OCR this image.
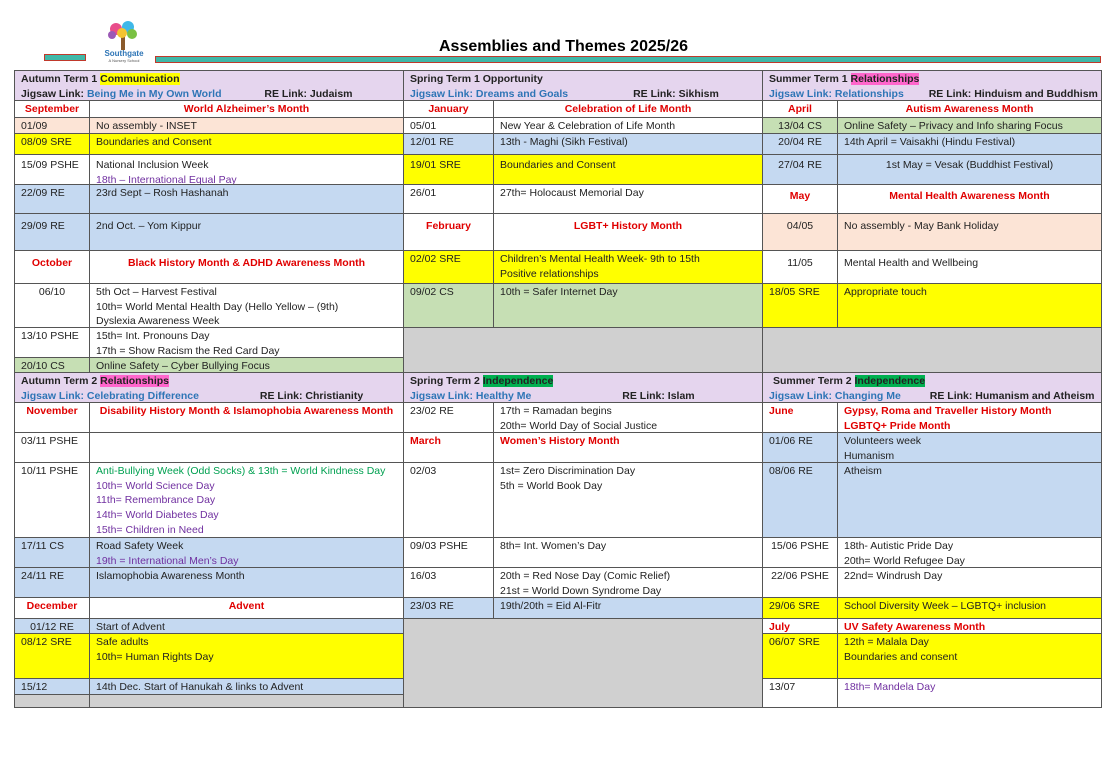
Southgate
A Nursery School
Assemblies and Themes 2025/26
Autumn Term 1 Communication
Jigsaw Link: Being Me in My Own World	RE Link: Judaism
September	World Alzheimer’s Month
01/09	No assembly - INSET
08/09 SRE	Boundaries and Consent
15/09 PSHE	National Inclusion Week
18th – International Equal Pay
22/09 RE	23rd Sept – Rosh Hashanah
29/09 RE	2nd Oct. – Yom Kippur
October	Black History Month & ADHD Awareness Month
06/10	5th Oct – Harvest Festival
10th= World Mental Health Day (Hello Yellow – (9th)
Dyslexia Awareness Week
13/10 PSHE	15th= Int. Pronouns Day
17th = Show Racism the Red Card Day
20/10 CS	Online Safety – Cyber Bullying Focus
Autumn Term 2 Relationships
Jigsaw Link: Celebrating Difference	RE Link: Christianity
November	Disability History Month & Islamophobia Awareness Month
03/11 PSHE
10/11 PSHE	Anti-Bullying Week (Odd Socks) & 13th = World Kindness Day
10th= World Science Day
11th= Remembrance Day
14th= World Diabetes Day
15th= Children in Need
17/11 CS	Road Safety Week
19th = International Men’s Day
24/11 RE	Islamophobia Awareness Month
December	Advent
01/12 RE	Start of Advent
08/12 SRE	Safe adults
10th= Human Rights Day
15/12	14th Dec. Start of Hanukah & links to Advent
Spring Term 1 Opportunity
Jigsaw Link: Dreams and Goals	RE Link: Sikhism
January	Celebration of Life Month
05/01	New Year & Celebration of Life Month
12/01 RE	13th - Maghi (Sikh Festival)
19/01 SRE	Boundaries and Consent
26/01	27th= Holocaust Memorial Day
February	LGBT+ History Month
02/02 SRE	Children’s Mental Health Week- 9th to 15th
Positive relationships
09/02 CS	10th = Safer Internet Day
Spring Term 2 Independence
Jigsaw Link: Healthy Me	RE Link: Islam
23/02 RE	17th = Ramadan begins
20th= World Day of Social Justice
March	Women’s History Month
02/03	1st= Zero Discrimination Day
5th = World Book Day
09/03 PSHE	8th= Int. Women’s Day
16/03	20th = Red Nose Day (Comic Relief)
21st = World Down Syndrome Day
23/03 RE	19th/20th = Eid Al-Fitr
Summer Term 1 Relationships
Jigsaw Link: Relationships RE Link: Hinduism and Buddhism
April	Autism Awareness Month
13/04 CS	Online Safety – Privacy and Info sharing Focus
20/04 RE	14th April = Vaisakhi (Hindu Festival)
27/04 RE	1st May = Vesak (Buddhist Festival)
May	Mental Health Awareness Month
04/05	No assembly - May Bank Holiday
11/05	Mental Health and Wellbeing
18/05 SRE	Appropriate touch
Summer Term 2 Independence
Jigsaw Link: Changing Me	RE Link: Humanism and Atheism
June	Gypsy, Roma and Traveller History Month
LGBTQ+ Pride Month
01/06 RE	Volunteers week
Humanism
08/06 RE	Atheism
15/06 PSHE	18th- Autistic Pride Day
20th= World Refugee Day
22/06 PSHE	22nd= Windrush Day
29/06 SRE	School Diversity Week – LGBTQ+ inclusion
July	UV Safety Awareness Month
06/07 SRE	12th = Malala Day
Boundaries and consent
13/07	18th= Mandela Day
